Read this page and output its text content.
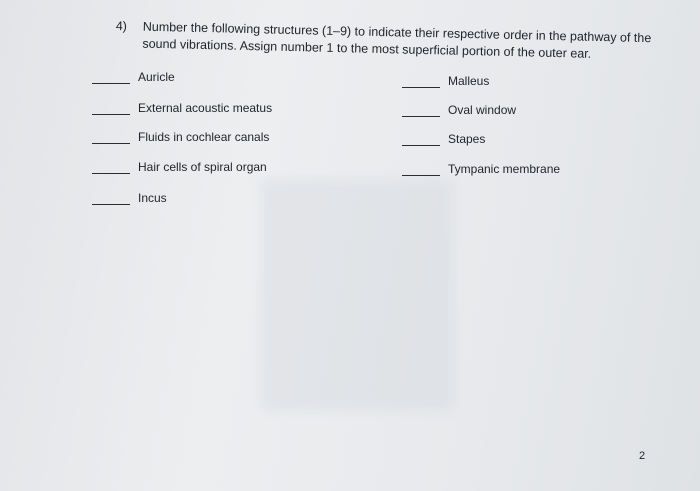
4) Number the following structures (1–9) to indicate their respective order in the pathway of the sound vibrations. Assign number 1 to the most superficial portion of the outer ear.
Auricle
External acoustic meatus
Fluids in cochlear canals
Hair cells of spiral organ
Incus
Malleus
Oval window
Stapes
Tympanic membrane
2
